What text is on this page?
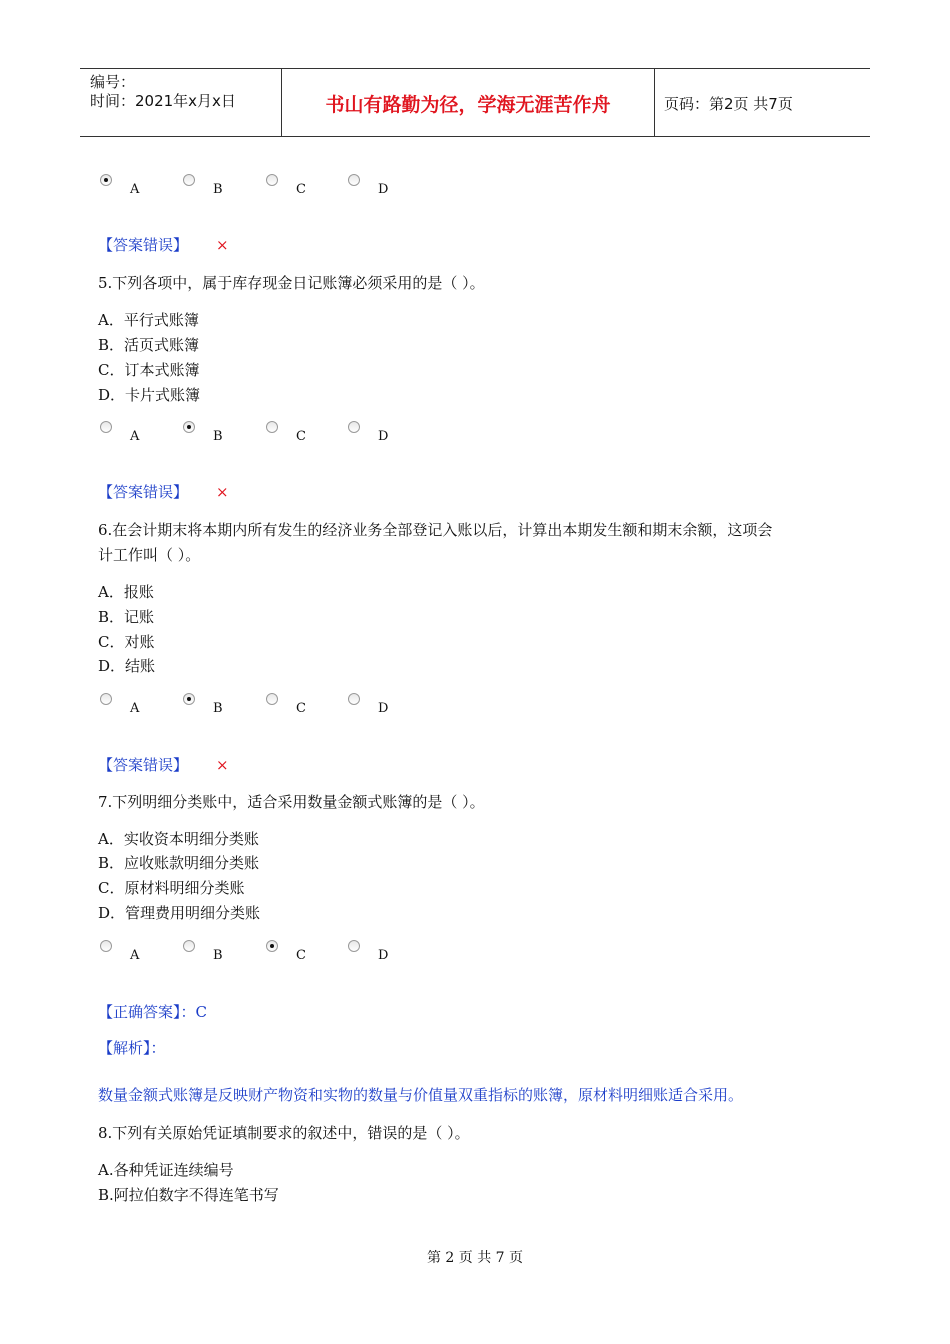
编号：
时间：2021年x月x日	书山有路勤为径，学海无涯苦作舟	页码：第2页 共7页
A	B	C	D
【答案错误】 ×
5.下列各项中，属于库存现金日记账簿必须采用的是（ ）。
A．平行式账簿
B．活页式账簿
C．订本式账簿
D．卡片式账簿
A	B	C	D
【答案错误】 ×
6.在会计期末将本期内所有发生的经济业务全部登记入账以后，计算出本期发生额和期末余额，这项会
计工作叫（ ）。
A．报账
B．记账
C．对账
D．结账
A	B	C	D
【答案错误】 ×
7.下列明细分类账中，适合采用数量金额式账簿的是（ ）。
A．实收资本明细分类账
B．应收账款明细分类账
C．原材料明细分类账
D．管理费用明细分类账
A	B	C	D
【正确答案】：C
【解析】：
数量金额式账簿是反映财产物资和实物的数量与价值量双重指标的账簿，原材料明细账适合采用。
8.下列有关原始凭证填制要求的叙述中，错误的是（ ）。
A.各种凭证连续编号
B.阿拉伯数字不得连笔书写
第 2 页 共 7 页
